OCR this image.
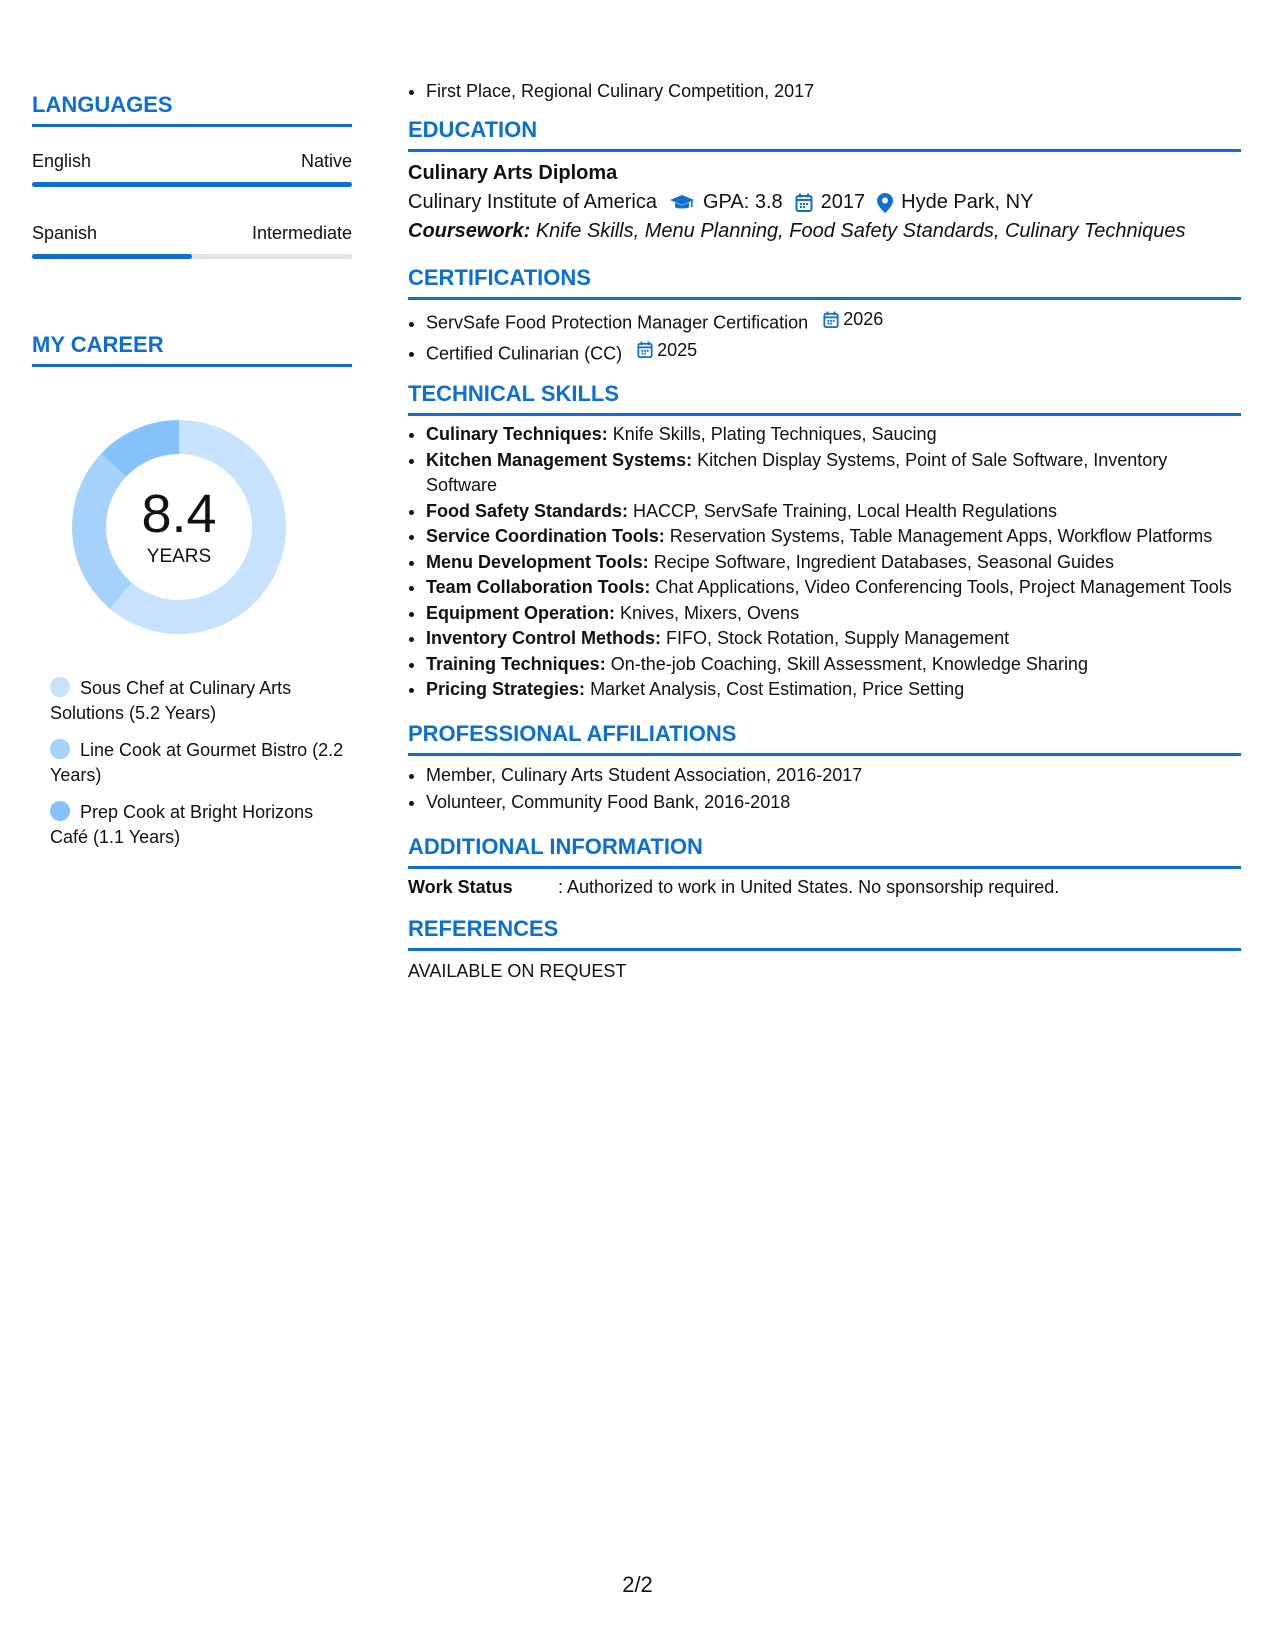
LANGUAGES
English	Native
Spanish	Intermediate
MY CAREER
8.4
YEARS
Sous Chef at Culinary Arts Solutions (5.2 Years)
Line Cook at Gourmet Bistro (2.2 Years)
Prep Cook at Bright Horizons Café (1.1 Years)
• First Place, Regional Culinary Competition, 2017
EDUCATION
Culinary Arts Diploma
Culinary Institute of America GPA: 3.8 2017 Hyde Park, NY
Coursework: Knife Skills, Menu Planning, Food Safety Standards, Culinary Techniques
CERTIFICATIONS
• ServSafe Food Protection Manager Certification 2026
• Certified Culinarian (CC) 2025
TECHNICAL SKILLS
• Culinary Techniques: Knife Skills, Plating Techniques, Saucing
• Kitchen Management Systems: Kitchen Display Systems, Point of Sale Software, Inventory Software
• Food Safety Standards: HACCP, ServSafe Training, Local Health Regulations
• Service Coordination Tools: Reservation Systems, Table Management Apps, Workflow Platforms
• Menu Development Tools: Recipe Software, Ingredient Databases, Seasonal Guides
• Team Collaboration Tools: Chat Applications, Video Conferencing Tools, Project Management Tools
• Equipment Operation: Knives, Mixers, Ovens
• Inventory Control Methods: FIFO, Stock Rotation, Supply Management
• Training Techniques: On-the-job Coaching, Skill Assessment, Knowledge Sharing
• Pricing Strategies: Market Analysis, Cost Estimation, Price Setting
PROFESSIONAL AFFILIATIONS
• Member, Culinary Arts Student Association, 2016-2017
• Volunteer, Community Food Bank, 2016-2018
ADDITIONAL INFORMATION
Work Status	: Authorized to work in United States. No sponsorship required.
REFERENCES
AVAILABLE ON REQUEST
2/2
